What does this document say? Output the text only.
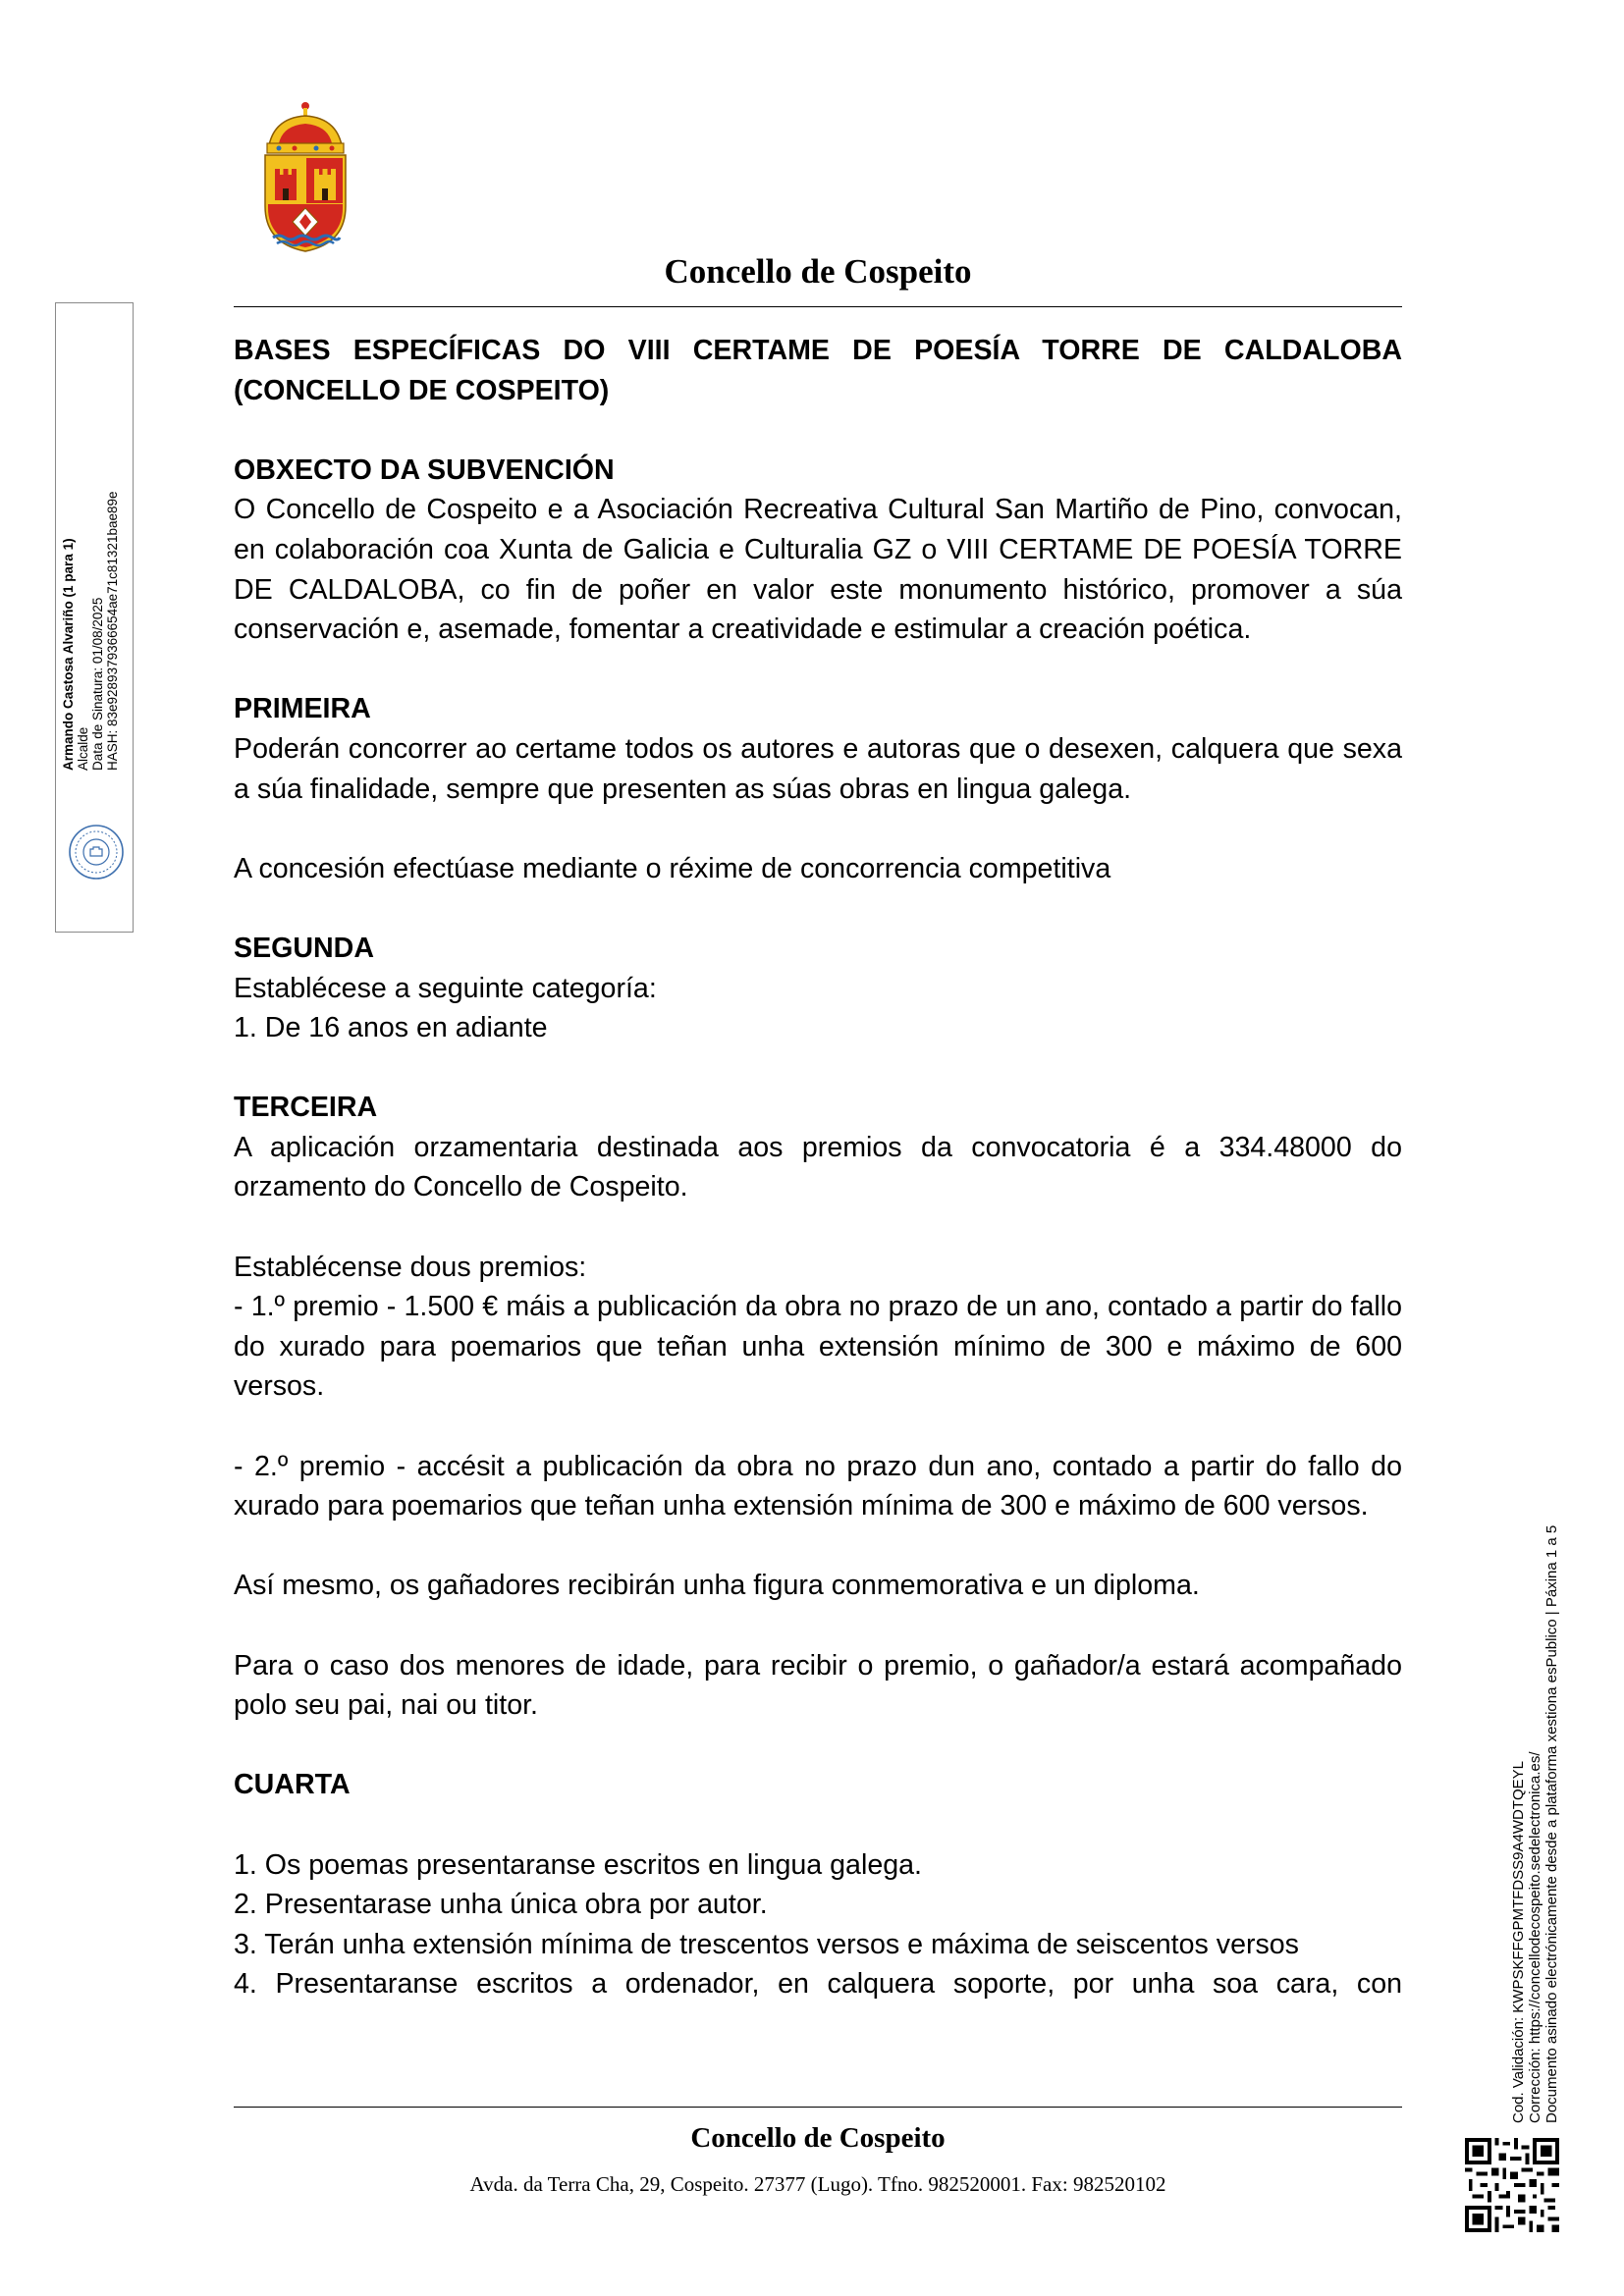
Concello de Cospeito

BASES ESPECÍFICAS DO VIII CERTAME DE POESÍA TORRE DE CALDALOBA (CONCELLO DE COSPEITO)

OBXECTO DA SUBVENCIÓN

O Concello de Cospeito e a Asociación Recreativa Cultural San Martiño de Pino, convocan, en colaboración coa Xunta de Galicia e Culturalia GZ o VIII CERTAME DE POESÍA TORRE DE CALDALOBA, co fin de poñer en valor este monumento histórico, promover a súa conservación e, asemade, fomentar a creatividade e estimular a creación poética.

PRIMEIRA

Poderán concorrer ao certame todos os autores e autoras que o desexen, calquera que sexa a súa finalidade, sempre que presenten as súas obras en lingua galega.

A concesión efectúase mediante o réxime de concorrencia competitiva

SEGUNDA

Establécese a seguinte categoría:

1. De 16 anos en adiante

TERCEIRA

A aplicación orzamentaria destinada aos premios da convocatoria é a 334.48000 do orzamento do Concello de Cospeito.

Establécense dous premios:

- 1.º premio - 1.500 € máis a publicación da obra no prazo de un ano, contado a partir do fallo do xurado para poemarios que teñan unha extensión mínimo de 300 e máximo de 600 versos.

- 2.º premio - accésit a publicación da obra no prazo dun ano, contado a partir do fallo do xurado para poemarios que teñan unha extensión mínima de 300 e máximo de 600 versos.

Así mesmo, os gañadores recibirán unha figura conmemorativa e un diploma.

Para o caso dos menores de idade, para recibir o premio, o gañador/a estará acompañado polo seu pai, nai ou titor.

CUARTA

1. Os poemas presentaranse escritos en lingua galega.

2. Presentarase unha única obra por autor.

3. Terán unha extensión mínima de trescentos versos e máxima de seiscentos versos

4. Presentaranse escritos a ordenador, en calquera soporte, por unha soa cara, con

Concello de Cospeito
Avda. da Terra Cha, 29, Cospeito. 27377 (Lugo). Tfno. 982520001. Fax: 982520102
Armando Castosa Alvariño (1 para 1) Alcalde Data de Sinatura: 01/08/2025 HASH: 83e9289379366654ae71c81321bae89e
Cod. Validación: KWPSKFFGPMTFDSS9A4WDTQEYL Corrección: https://concellodecospeito.sedelectronica.es/ Documento asinado electrónicamente desde a plataforma xestiona esPublico | Páxina 1 a 5
